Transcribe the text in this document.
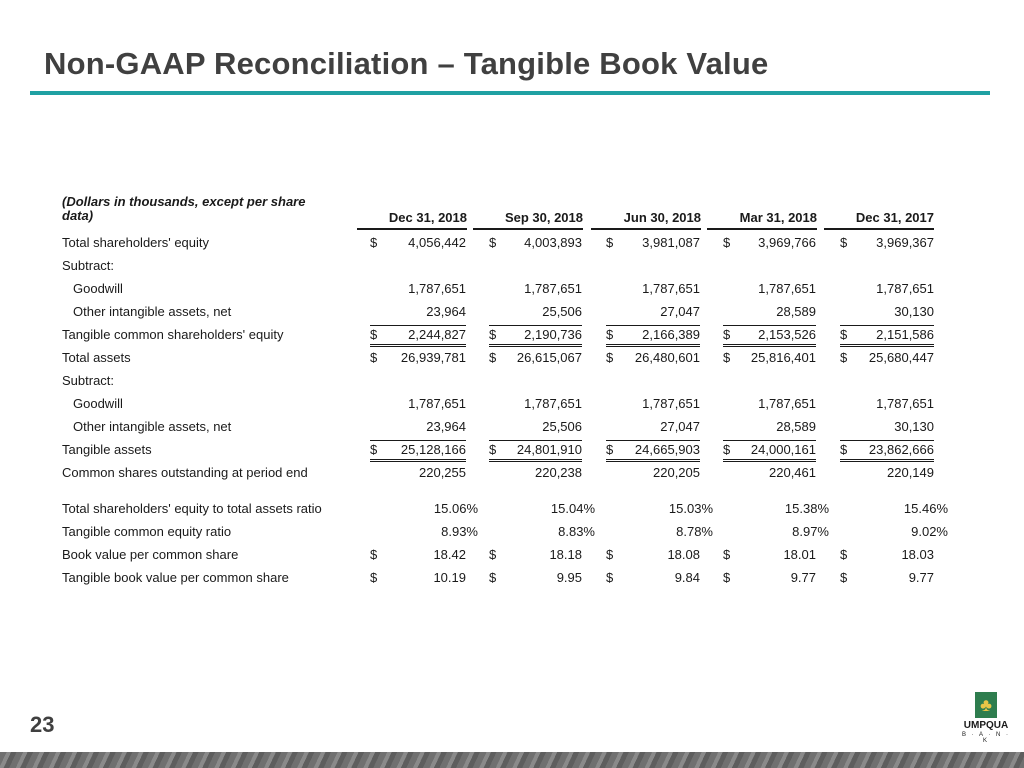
Non-GAAP Reconciliation – Tangible Book Value
(Dollars in thousands, except per share data)	Dec 31, 2018	Sep 30, 2018	Jun 30, 2018	Mar 31, 2018	Dec 31, 2017
Total shareholders' equity	$ 4,056,442 $ 4,003,893 $ 3,981,087 $ 3,969,766 $ 3,969,367
Subtract:
Goodwill	1,787,651	1,787,651	1,787,651	1,787,651	1,787,651
Other intangible assets, net	23,964	25,506	27,047	28,589	30,130
Tangible common shareholders' equity	$ 2,244,827 $ 2,190,736 $ 2,166,389 $ 2,153,526 $ 2,151,586
Total assets	$ 26,939,781 $ 26,615,067 $ 26,480,601 $ 25,816,401 $ 25,680,447
Subtract:
Goodwill	1,787,651	1,787,651	1,787,651	1,787,651	1,787,651
Other intangible assets, net	23,964	25,506	27,047	28,589	30,130
Tangible assets	$ 25,128,166 $ 24,801,910 $ 24,665,903 $ 24,000,161 $ 23,862,666
Common shares outstanding at period end	220,255	220,238	220,205	220,461	220,149
Total shareholders' equity to total assets ratio	15.06%	15.04%	15.03%	15.38%	15.46%
Tangible common equity ratio	8.93%	8.83%	8.78%	8.97%	9.02%
Book value per common share	$	18.42 $	18.18 $	18.08 $	18.01 $	18.03
Tangible book value per common share	$	10.19 $	9.95 $	9.84 $	9.77 $	9.77
23
♣
UMPQUA
B · A · N · K
